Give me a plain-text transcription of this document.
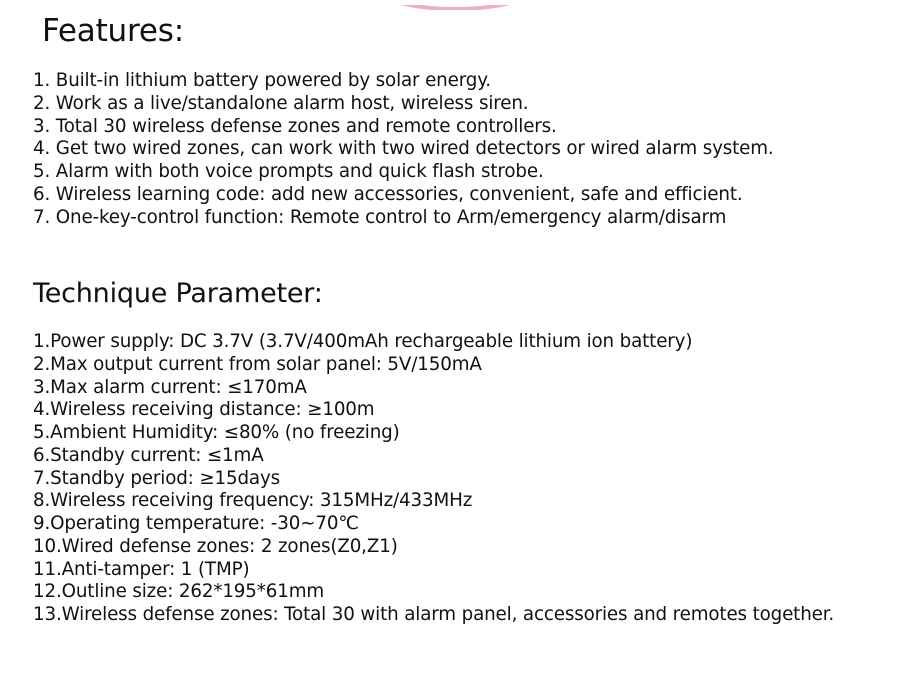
Features:
1. Built-in lithium battery powered by solar energy.
2. Work as a live/standalone alarm host, wireless siren.
3. Total 30 wireless defense zones and remote controllers.
4. Get two wired zones, can work with two wired detectors or wired alarm system.
5. Alarm with both voice prompts and quick flash strobe.
6. Wireless learning code: add new accessories, convenient, safe and efficient.
7. One-key-control function: Remote control to Arm/emergency alarm/disarm
Technique Parameter:
1.Power supply: DC 3.7V (3.7V/400mAh rechargeable lithium ion battery)
2.Max output current from solar panel: 5V/150mA
3.Max alarm current: ≤170mA
4.Wireless receiving distance: ≥100m
5.Ambient Humidity: ≤80% (no freezing)
6.Standby current: ≤1mA
7.Standby period: ≥15days
8.Wireless receiving frequency: 315MHz/433MHz
9.Operating temperature: -30~70℃
10.Wired defense zones: 2 zones(Z0,Z1)
11.Anti-tamper: 1 (TMP)
12.Outline size: 262*195*61mm
13.Wireless defense zones: Total 30 with alarm panel, accessories and remotes together.
